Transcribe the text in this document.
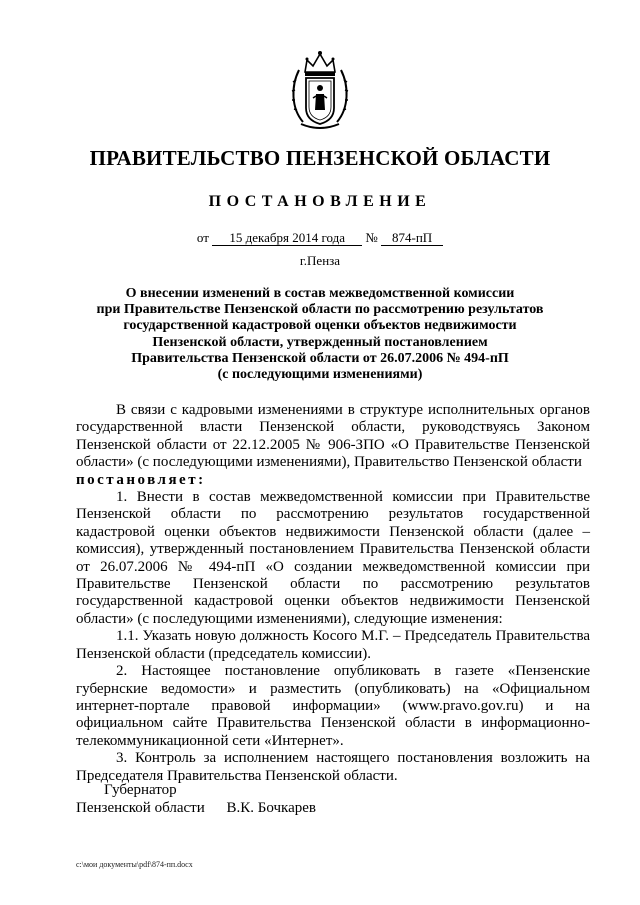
ПРАВИТЕЛЬСТВО ПЕНЗЕНСКОЙ ОБЛАСТИ
ПОСТАНОВЛЕНИЕ
от 15 декабря 2014 года № 874-пП
г.Пенза
О внесении изменений в состав межведомственной комиссии
при Правительстве Пензенской области по рассмотрению результатов
государственной кадастровой оценки объектов недвижимости
Пензенской области, утвержденный постановлением
Правительства Пензенской области от 26.07.2006 № 494-пП
(с последующими изменениями)

В связи с кадровыми изменениями в структуре исполнительных органов государственной власти Пензенской области, руководствуясь Законом Пензенской области от 22.12.2005 № 906-ЗПО «О Правительстве Пензенской области» (с последующими изменениями), Правительство Пензенской области

постановляет:

1. Внести в состав межведомственной комиссии при Правительстве Пензенской области по рассмотрению результатов государственной кадастровой оценки объектов недвижимости Пензенской области (далее – комиссия), утвержденный постановлением Правительства Пензенской области от 26.07.2006 № 494-пП «О создании межведомственной комиссии при Правительстве Пензенской области по рассмотрению результатов государственной кадастровой оценки объектов недвижимости Пензенской области» (с последующими изменениями), следующие изменения:

1.1. Указать новую должность Косого М.Г. – Председатель Правительства Пензенской области (председатель комиссии).

2. Настоящее постановление опубликовать в газете «Пензенские губернские ведомости» и разместить (опубликовать) на «Официальном интернет-портале правовой информации» (www.pravo.gov.ru) и на официальном сайте Правительства Пензенской области в информационно-телекоммуникационной сети «Интернет».

3. Контроль за исполнением настоящего постановления возложить на Председателя Правительства Пензенской области.

Губернатор
Пензенской области В.К. Бочкарев
c:\мои документы\pdf\874-пп.docx
